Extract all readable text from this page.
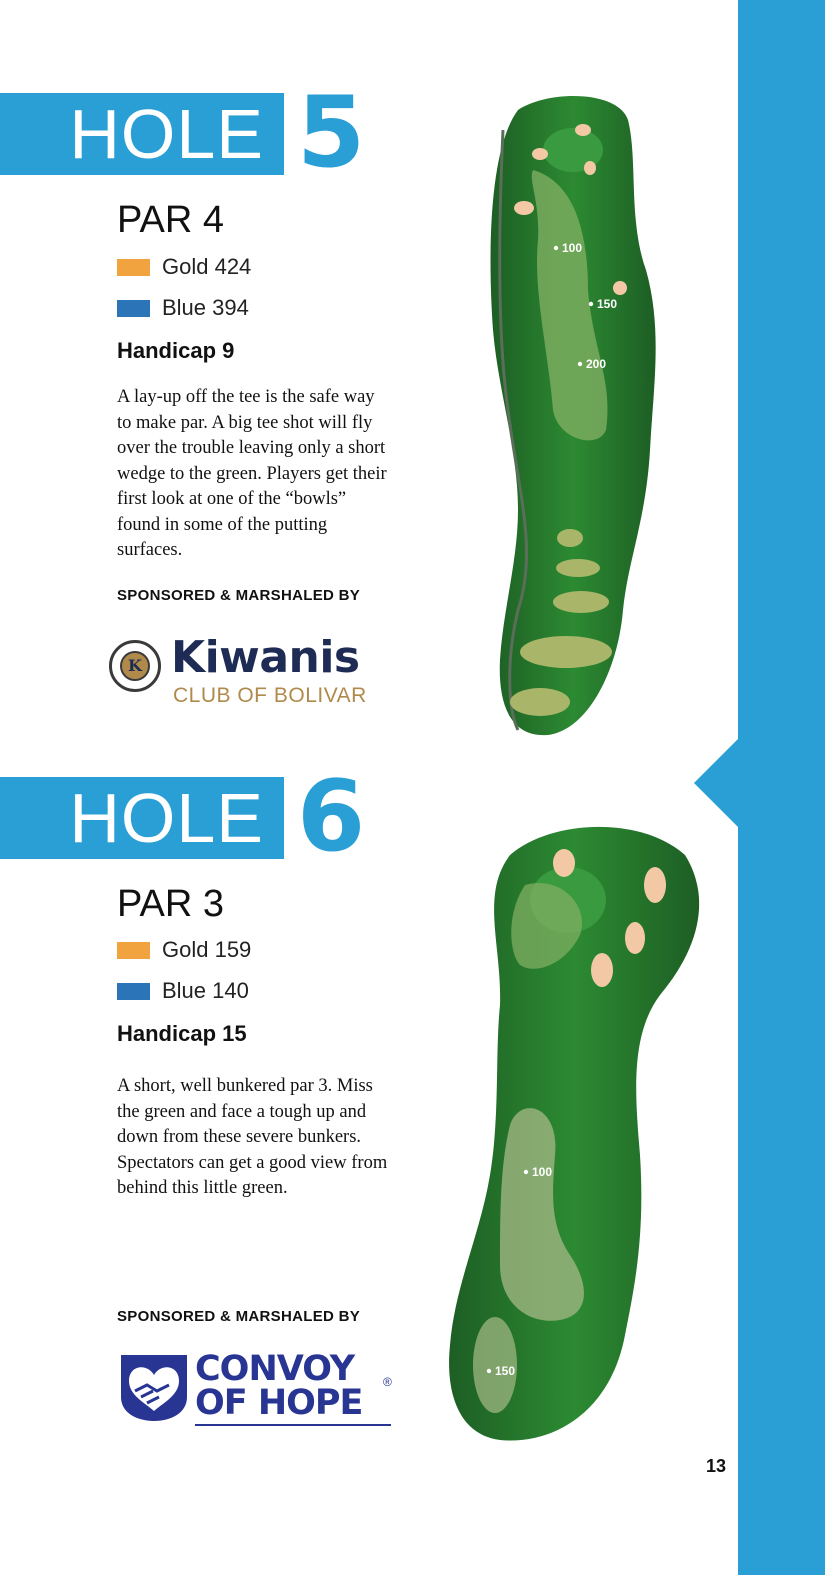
HOLE 5
PAR 4
Gold 424
Blue 394
Handicap 9

A lay-up off the tee is the safe way to make par. A big tee shot will fly over the trouble leaving only a short wedge to the green. Players get their first look at one of the “bowls” found in some of the putting surfaces.

SPONSORED & MARSHALED BY
K Kiwanis
CLUB OF BOLIVAR
100
150
200
HOLE 6
PAR 3
Gold 159
Blue 140
Handicap 15

A short, well bunkered par 3. Miss the green and face a tough up and down from these severe bunkers. Spectators can get a good view from behind this little green.

SPONSORED & MARSHALED BY
CONVOY
OF HOPE
®
100
150
13
